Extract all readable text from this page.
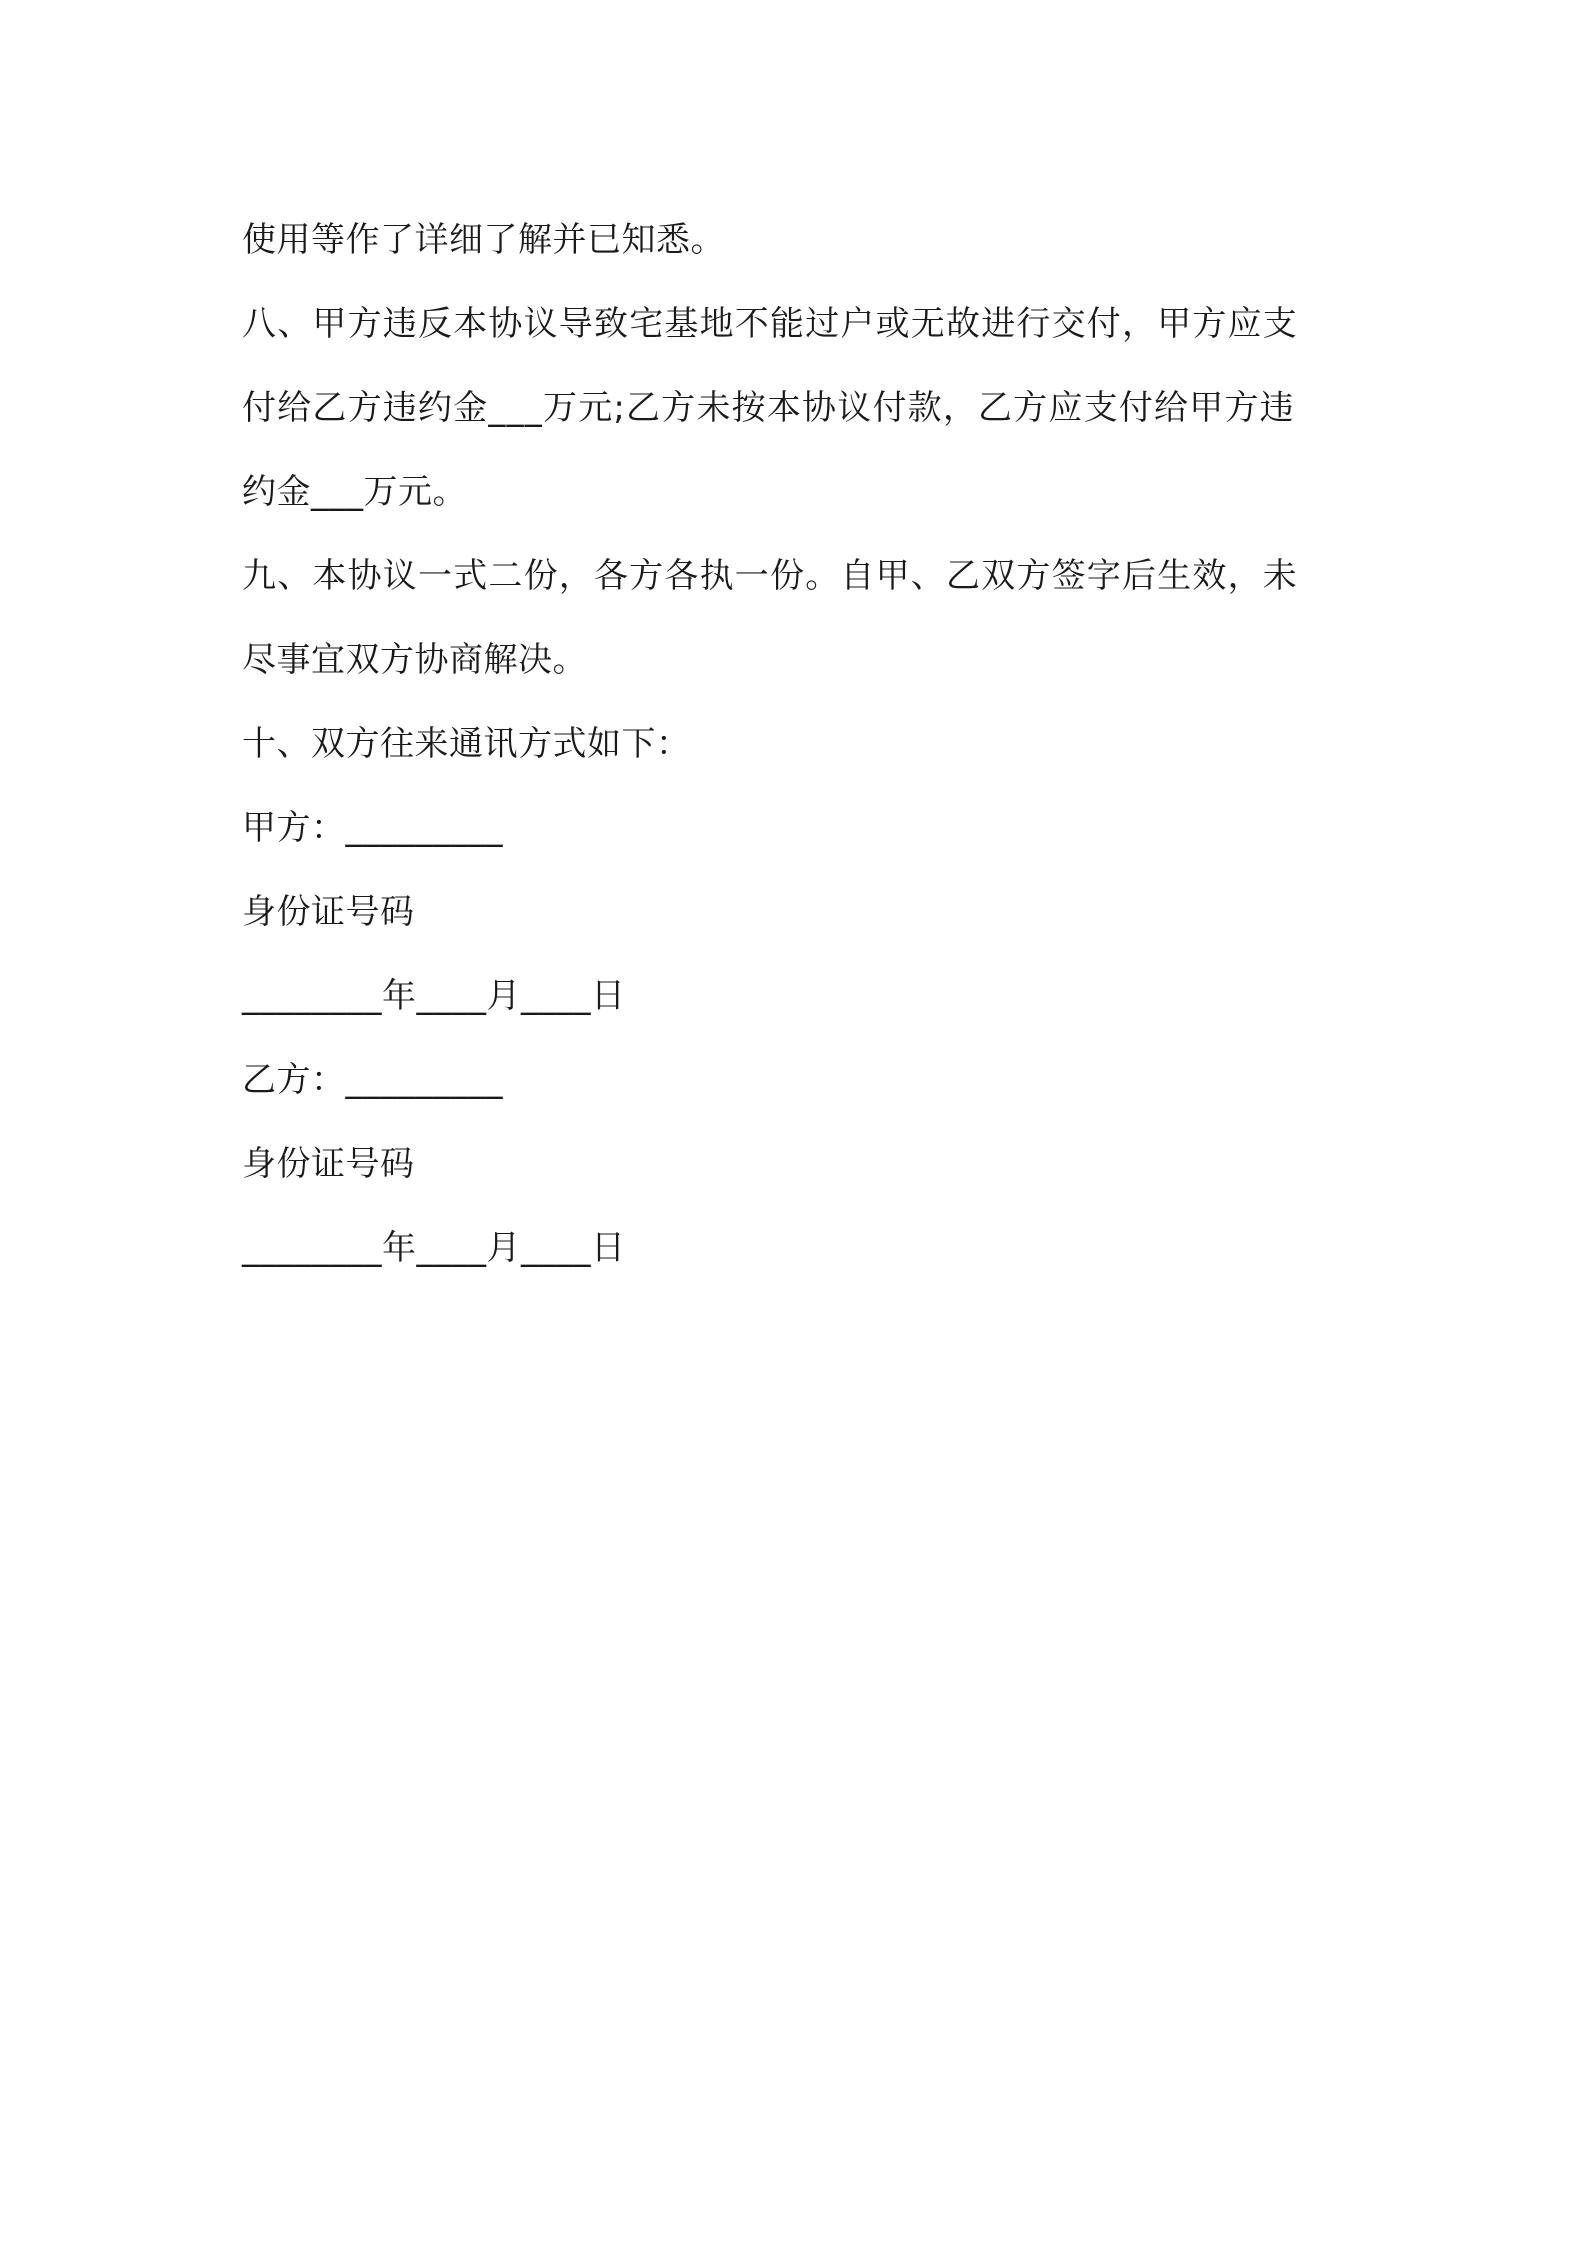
使用等作了详细了解并已知悉。
八、甲方违反本协议导致宅基地不能过户或无故进行交付，甲方应支
付给乙方违约金___万元;乙方未按本协议付款，乙方应支付给甲方违
约金___万元。
九、本协议一式二份，各方各执一份。自甲、乙双方签字后生效，未
尽事宜双方协商解决。
十、双方往来通讯方式如下：
甲方：_________
身份证号码
________年____月____日
乙方：_________
身份证号码
________年____月____日
